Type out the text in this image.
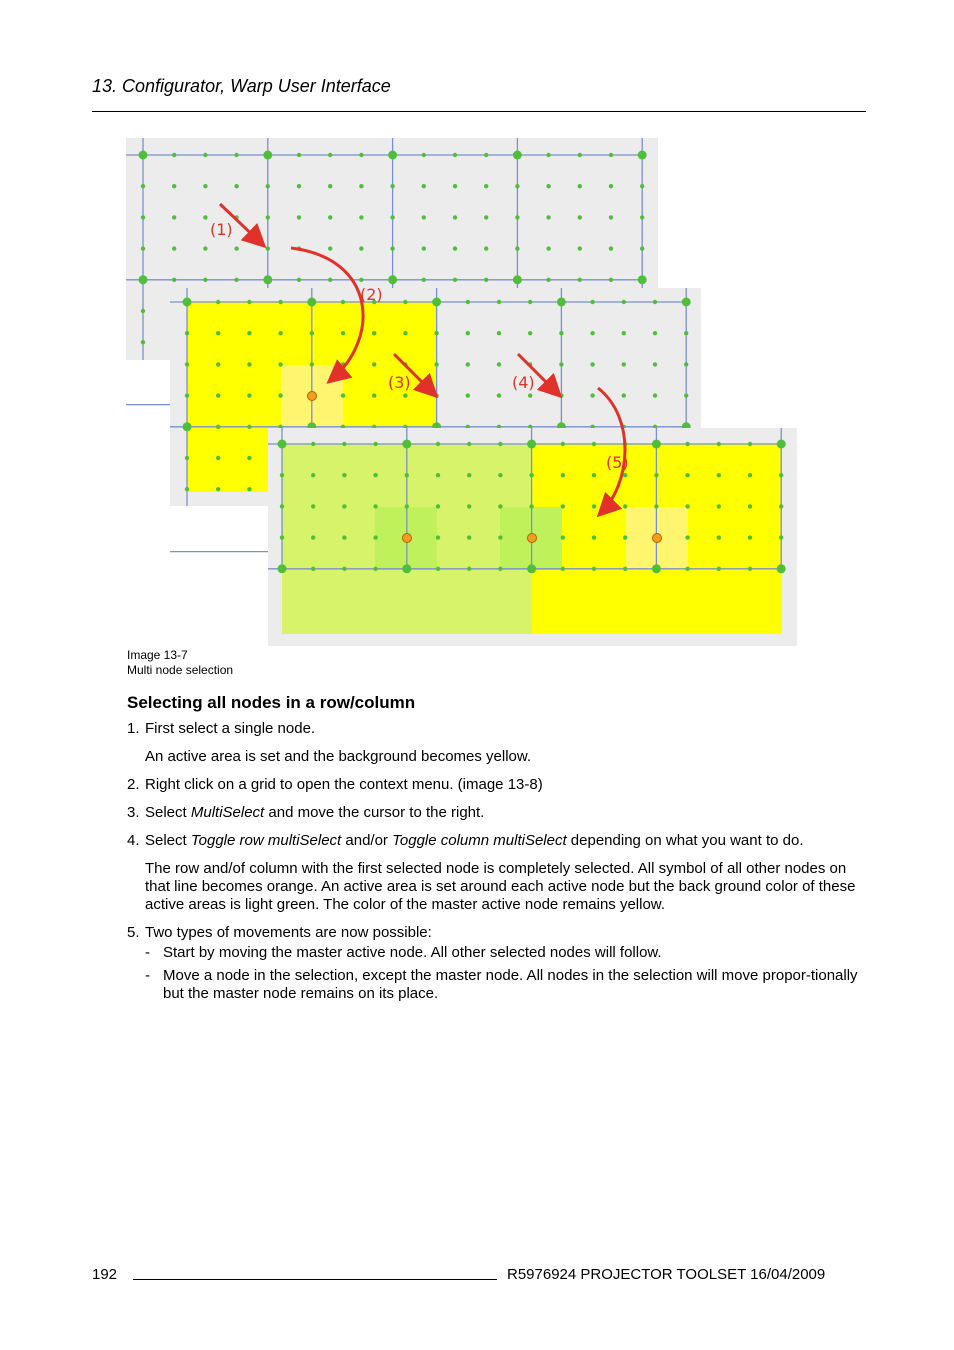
13. Configurator, Warp User Interface
(1)
(2)
(3)	(4)
(5)
Image 13-7
Multi node selection
Selecting all nodes in a row/column

1. First select a single node.

An active area is set and the background becomes yellow.

2. Right click on a grid to open the context menu. (image 13-8)

3. Select MultiSelect and move the cursor to the right.

4. Select Toggle row multiSelect and/or Toggle column multiSelect depending on what you want to do.

The row and/of column with the first selected node is completely selected. All symbol of all other nodes on that line becomes orange. An active area is set around each active node but the back ground color of these active areas is light green. The color of the master active node remains yellow.

5. Two types of movements are now possible:

- Start by moving the master active node. All other selected nodes will follow.

- Move a node in the selection, except the master node. All nodes in the selection will move propor-tionally but the master node remains on its place.

192	R5976924 PROJECTOR TOOLSET 16/04/2009
